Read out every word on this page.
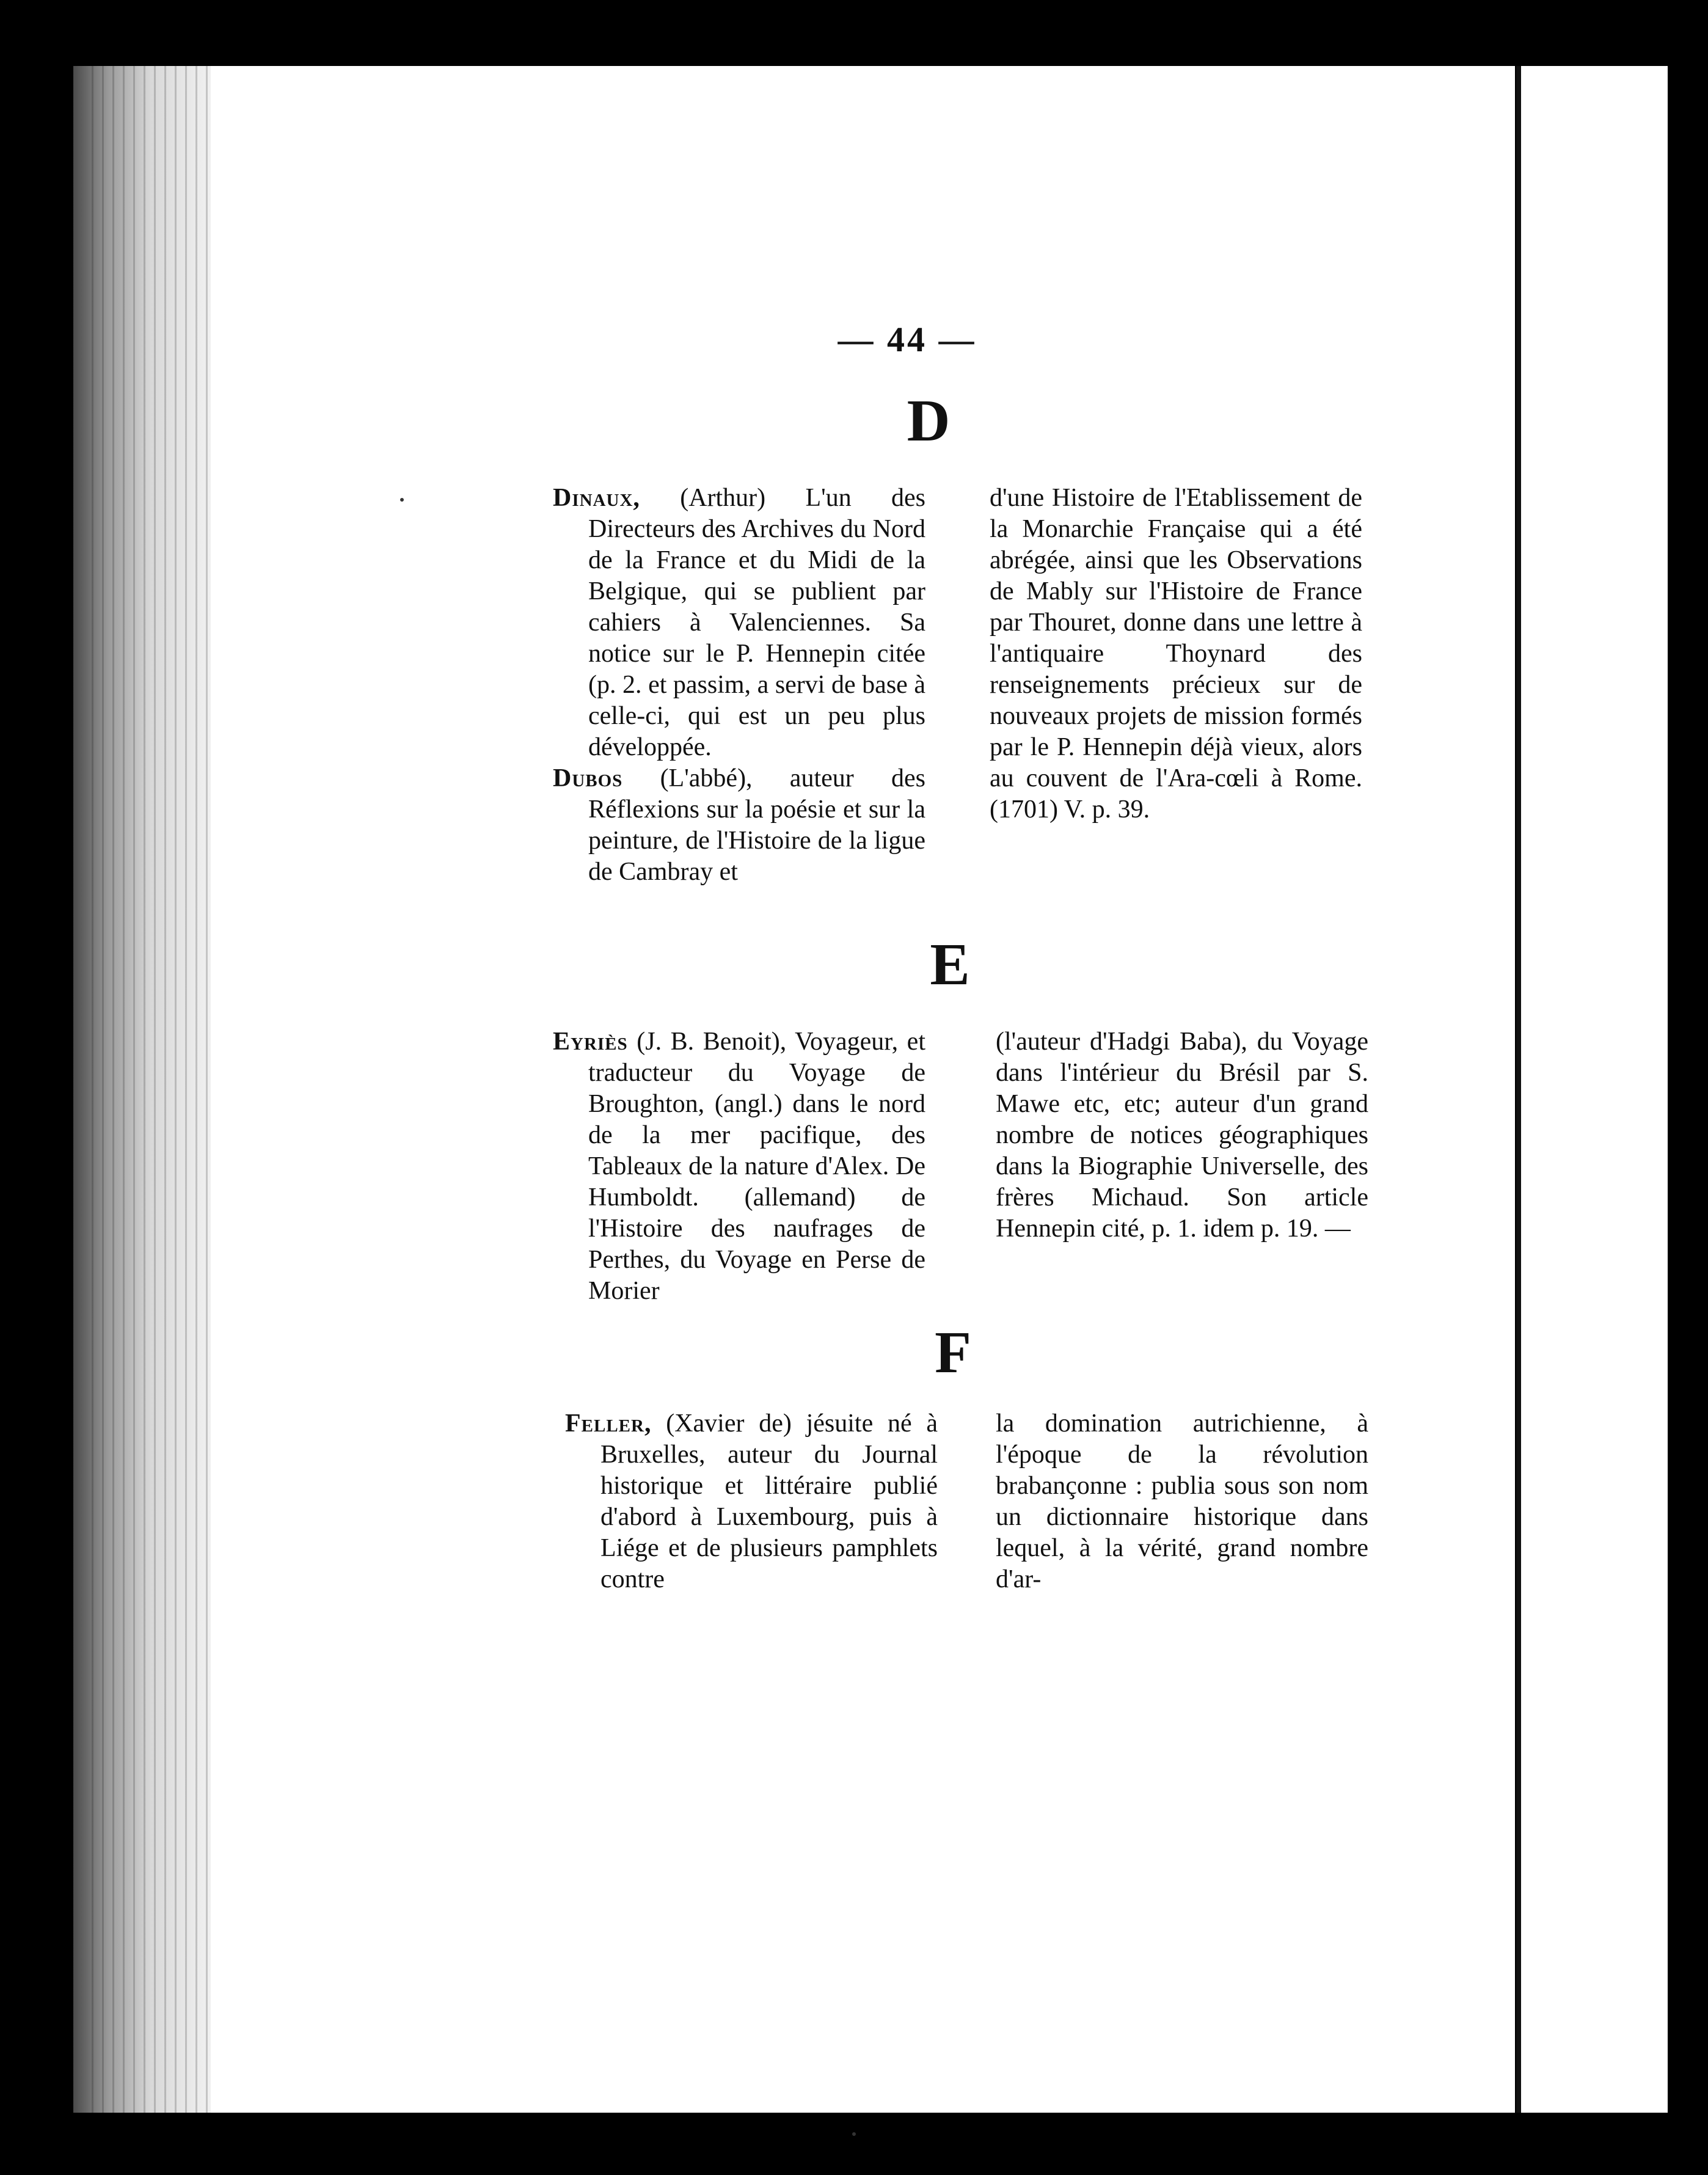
— 44 —
D

Dinaux, (Arthur) L'un des Directeurs des Archives du Nord de la France et du Midi de la Belgique, qui se publient par cahiers à Valenciennes. Sa notice sur le P. Hennepin citée (p. 2. et passim, a servi de base à celle-ci, qui est un peu plus développée.

Dubos (L'abbé), auteur des Réflexions sur la poésie et sur la peinture, de l'Histoire de la ligue de Cambray et

d'une Histoire de l'Etablissement de la Monarchie Française qui a été abrégée, ainsi que les Observations de Mably sur l'Histoire de France par Thouret, donne dans une lettre à l'antiquaire Thoynard des renseignements précieux sur de nouveaux projets de mission formés par le P. Hennepin déjà vieux, alors au couvent de l'Ara-cœli à Rome. (1701) V. p. 39.

E

Eyriès (J. B. Benoit), Voyageur, et traducteur du Voyage de Broughton, (angl.) dans le nord de la mer pacifique, des Tableaux de la nature d'Alex. De Humboldt. (allemand) de l'Histoire des naufrages de Perthes, du Voyage en Perse de Morier

(l'auteur d'Hadgi Baba), du Voyage dans l'intérieur du Brésil par S. Mawe etc, etc; auteur d'un grand nombre de notices géographiques dans la Biographie Universelle, des frères Michaud. Son article Hennepin cité, p. 1. idem p. 19. —

F

Feller, (Xavier de) jésuite né à Bruxelles, auteur du Journal historique et littéraire publié d'abord à Luxembourg, puis à Liége et de plusieurs pamphlets contre

la domination autrichienne, à l'époque de la révolution brabançonne : publia sous son nom un dictionnaire historique dans lequel, à la vérité, grand nombre d'ar-
